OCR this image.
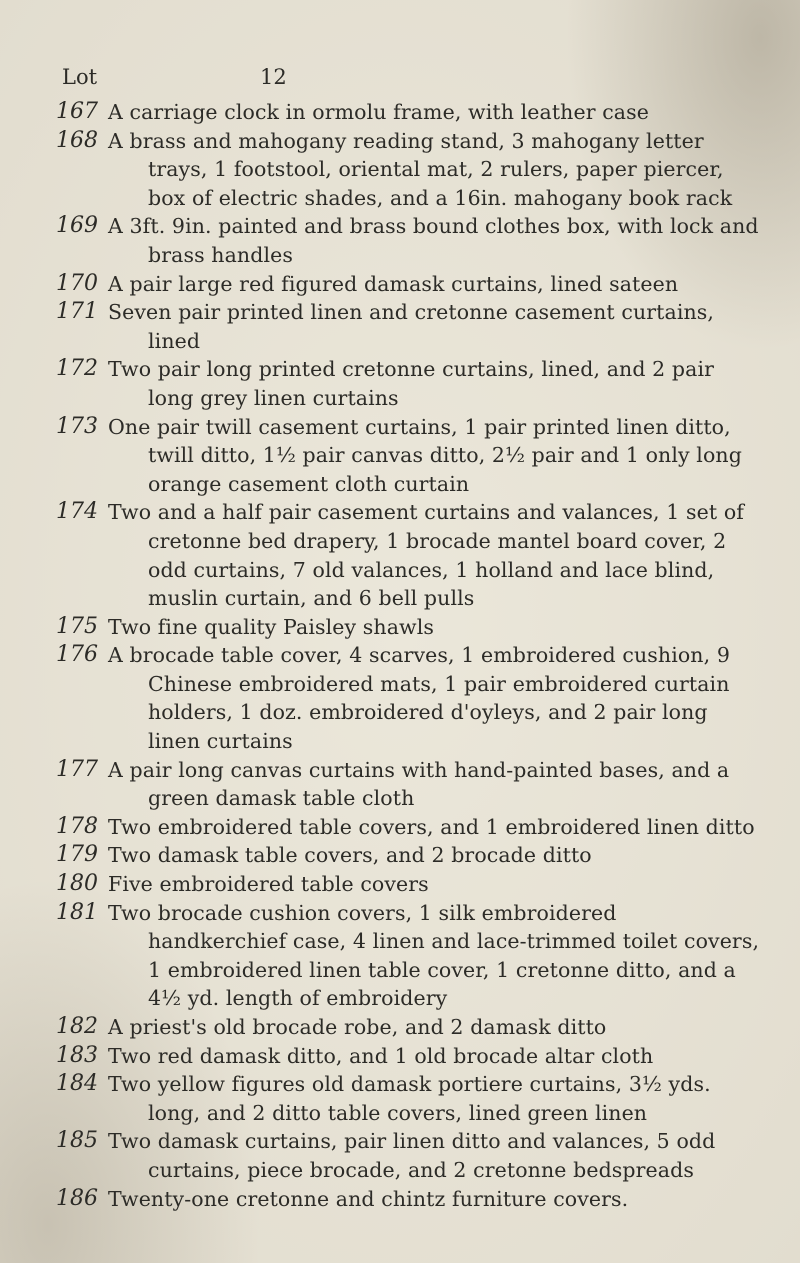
Lot	12
167 A carriage clock in ormolu frame, with leather case
168 A brass and mahogany reading stand, 3 mahogany letter trays, 1 footstool, oriental mat, 2 rulers, paper piercer, box of electric shades, and a 16in. mahogany book rack
169 A 3ft. 9in. painted and brass bound clothes box, with lock and brass handles
170 A pair large red figured damask curtains, lined sateen
171 Seven pair printed linen and cretonne casement curtains, lined
172 Two pair long printed cretonne curtains, lined, and 2 pair long grey linen curtains
173 One pair twill casement curtains, 1 pair printed linen ditto, twill ditto, 1½ pair canvas ditto, 2½ pair and 1 only long orange casement cloth curtain
174 Two and a half pair casement curtains and valances, 1 set of cretonne bed drapery, 1 brocade mantel board cover, 2 odd curtains, 7 old valances, 1 holland and lace blind, muslin curtain, and 6 bell pulls
175 Two fine quality Paisley shawls
176 A brocade table cover, 4 scarves, 1 embroidered cushion, 9 Chinese embroidered mats, 1 pair embroidered curtain holders, 1 doz. embroidered d'oyleys, and 2 pair long linen curtains
177 A pair long canvas curtains with hand-painted bases, and a green damask table cloth
178 Two embroidered table covers, and 1 embroidered linen ditto
179 Two damask table covers, and 2 brocade ditto
180 Five embroidered table covers
181 Two brocade cushion covers, 1 silk embroidered handkerchief case, 4 linen and lace-trimmed toilet covers, 1 embroidered linen table cover, 1 cretonne ditto, and a 4½ yd. length of embroidery
182 A priest's old brocade robe, and 2 damask ditto
183 Two red damask ditto, and 1 old brocade altar cloth
184 Two yellow figures old damask portiere curtains, 3½ yds. long, and 2 ditto table covers, lined green linen
185 Two damask curtains, pair linen ditto and valances, 5 odd curtains, piece brocade, and 2 cretonne bedspreads
186 Twenty-one cretonne and chintz furniture covers.
